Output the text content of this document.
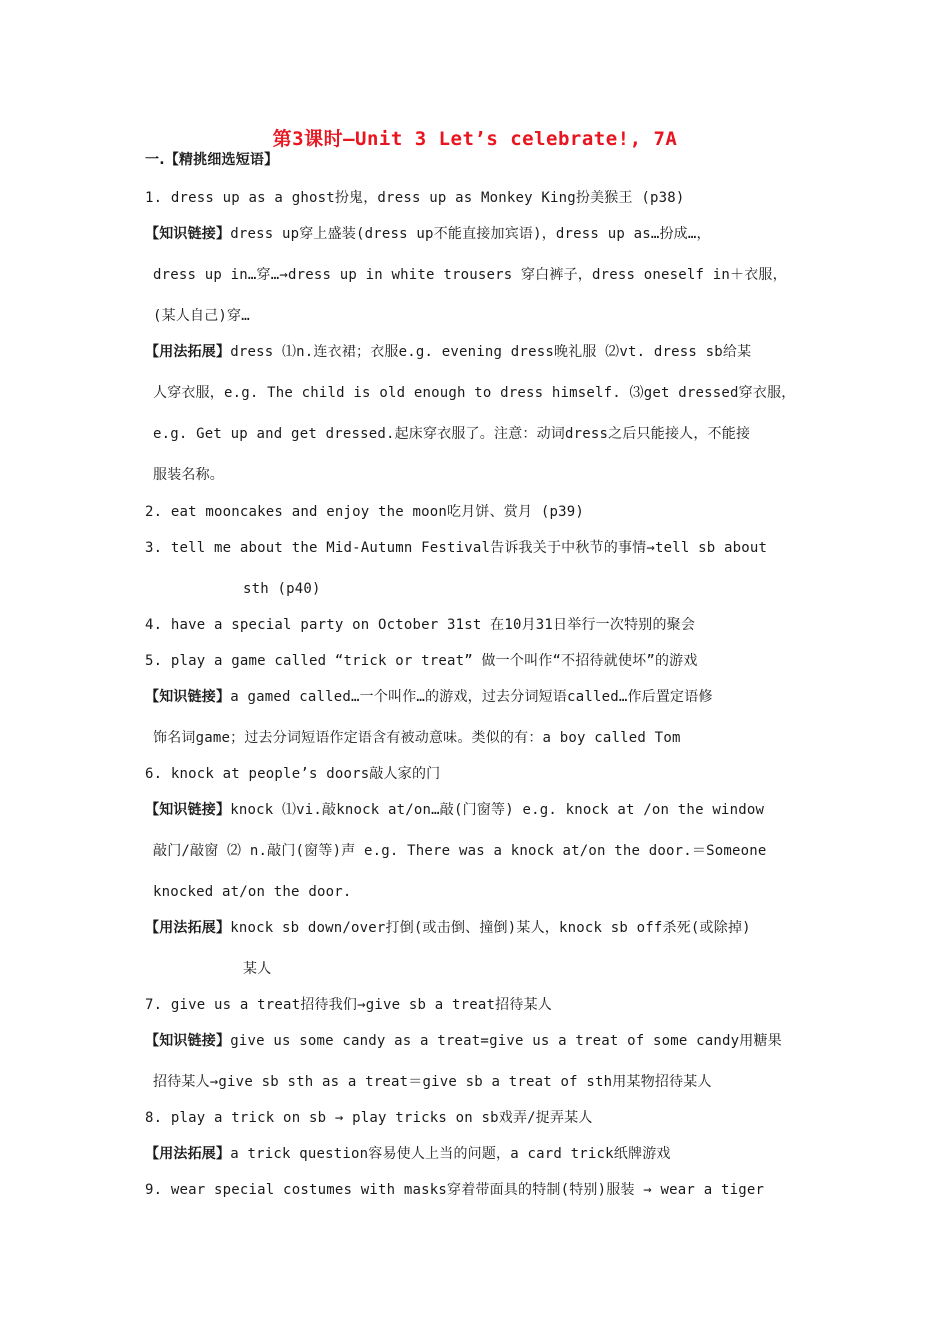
第3课时—Unit 3 Let’s celebrate!, 7A
一.【精挑细选短语】
1. dress up as a ghost扮鬼，dress up as Monkey King扮美猴王 (p38)
【知识链接】dress up穿上盛装(dress up不能直接加宾语)，dress up as…扮成…，
dress up in…穿…→dress up in white trousers 穿白裤子，dress oneself in＋衣服，
(某人自己)穿…
【用法拓展】dress ⑴n.连衣裙；衣服e.g. evening dress晚礼服 ⑵vt. dress sb给某
人穿衣服，e.g. The child is old enough to dress himself. ⑶get dressed穿衣服，
e.g. Get up and get dressed.起床穿衣服了。注意：动词dress之后只能接人，不能接
服装名称。
2. eat mooncakes and enjoy the moon吃月饼、赏月 (p39)
3. tell me about the Mid-Autumn Festival告诉我关于中秋节的事情→tell sb about
sth (p40)
4. have a special party on October 31st 在10月31日举行一次特别的聚会
5. play a game called “trick or treat” 做一个叫作“不招待就使坏”的游戏
【知识链接】a gamed called…一个叫作…的游戏，过去分词短语called…作后置定语修
饰名词game；过去分词短语作定语含有被动意味。类似的有：a boy called Tom
6. knock at people’s doors敲人家的门
【知识链接】knock ⑴vi.敲knock at/on…敲(门窗等) e.g. knock at /on the window
敲门/敲窗 ⑵ n.敲门(窗等)声 e.g. There was a knock at/on the door.＝Someone
knocked at/on the door.
【用法拓展】knock sb down/over打倒(或击倒、撞倒)某人，knock sb off杀死(或除掉)
某人
7. give us a treat招待我们→give sb a treat招待某人
【知识链接】give us some candy as a treat=give us a treat of some candy用糖果
招待某人→give sb sth as a treat＝give sb a treat of sth用某物招待某人
8. play a trick on sb → play tricks on sb戏弄/捉弄某人
【用法拓展】a trick question容易使人上当的问题，a card trick纸牌游戏
9. wear special costumes with masks穿着带面具的特制(特别)服装 → wear a tiger
